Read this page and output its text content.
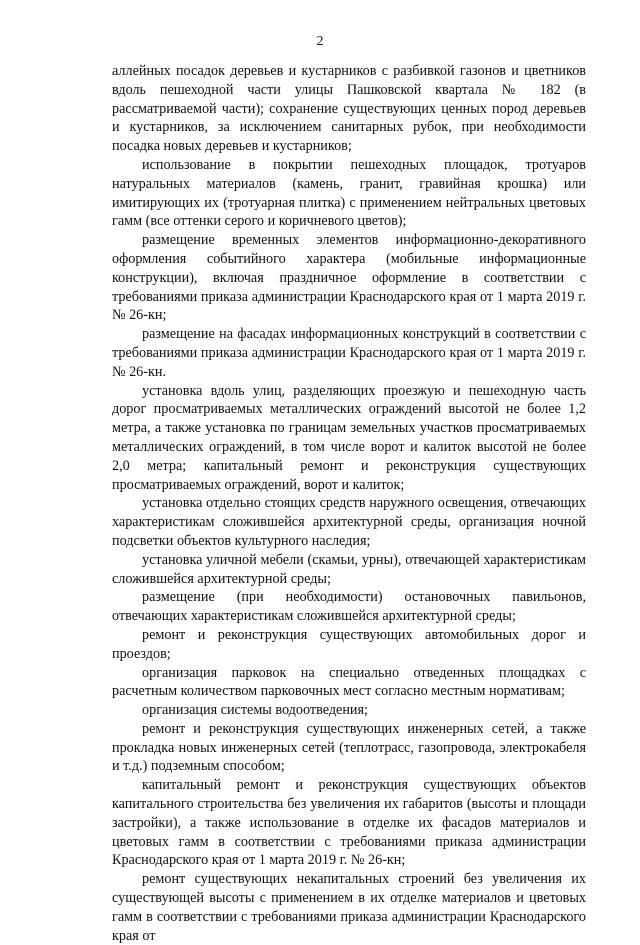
2

аллейных посадок деревьев и кустарников с разбивкой газонов и цветников вдоль пешеходной части улицы Пашковской квартала № 182 (в рассматриваемой части); сохранение существующих ценных пород деревьев и кустарников, за исключением санитарных рубок, при необходимости посадка новых деревьев и кустарников;

использование в покрытии пешеходных площадок, тротуаров натуральных материалов (камень, гранит, гравийная крошка) или имитирующих их (тротуарная плитка) с применением нейтральных цветовых гамм (все оттенки серого и коричневого цветов);

размещение временных элементов информационно-декоративного оформления событийного характера (мобильные информационные конструкции), включая праздничное оформление в соответствии с требованиями приказа администрации Краснодарского края от 1 марта 2019 г. № 26-кн;

размещение на фасадах информационных конструкций в соответствии с требованиями приказа администрации Краснодарского края от 1 марта 2019 г. № 26-кн.

установка вдоль улиц, разделяющих проезжую и пешеходную часть дорог просматриваемых металлических ограждений высотой не более 1,2 метра, а также установка по границам земельных участков просматриваемых металлических ограждений, в том числе ворот и калиток высотой не более 2,0 метра; капитальный ремонт и реконструкция существующих просматриваемых ограждений, ворот и калиток;

установка отдельно стоящих средств наружного освещения, отвечающих характеристикам сложившейся архитектурной среды, организация ночной подсветки объектов культурного наследия;

установка уличной мебели (скамьи, урны), отвечающей характеристикам сложившейся архитектурной среды;

размещение (при необходимости) остановочных павильонов, отвечающих характеристикам сложившейся архитектурной среды;

ремонт и реконструкция существующих автомобильных дорог и проездов;

организация парковок на специально отведенных площадках с расчетным количеством парковочных мест согласно местным нормативам;

организация системы водоотведения;

ремонт и реконструкция существующих инженерных сетей, а также прокладка новых инженерных сетей (теплотрасс, газопровода, электрокабеля и т.д.) подземным способом;

капитальный ремонт и реконструкция существующих объектов капитального строительства без увеличения их габаритов (высоты и площади застройки), а также использование в отделке их фасадов материалов и цветовых гамм в соответствии с требованиями приказа администрации Краснодарского края от 1 марта 2019 г. № 26-кн;

ремонт существующих некапитальных строений без увеличения их существующей высоты с применением в их отделке материалов и цветовых гамм в соответствии с требованиями приказа администрации Краснодарского края от
